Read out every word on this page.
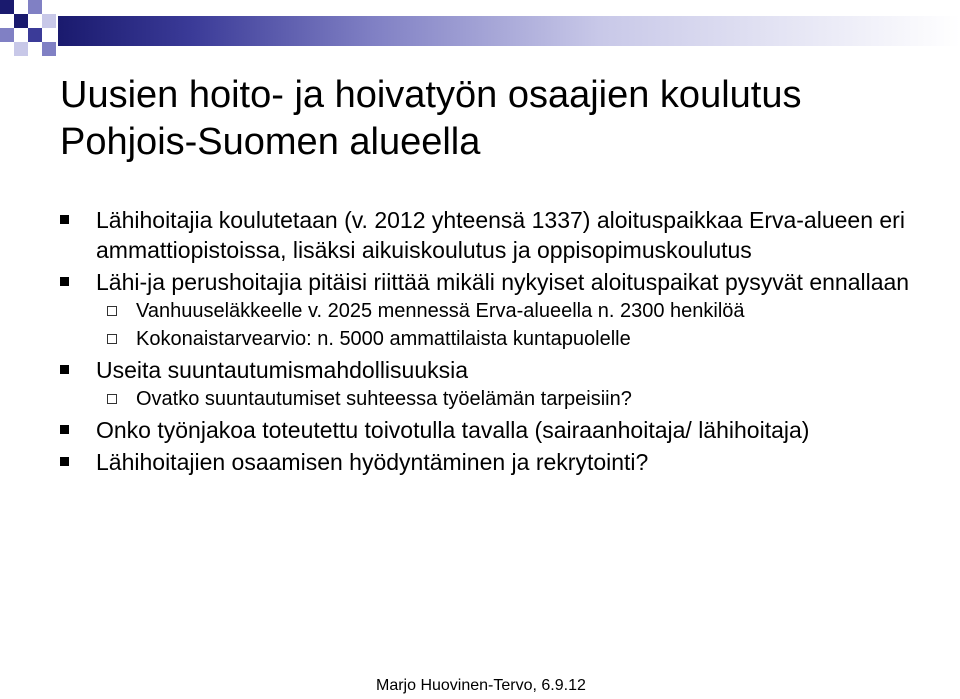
Uusien hoito- ja hoivatyön osaajien koulutus
Pohjois-Suomen alueella
Lähihoitajia koulutetaan (v. 2012 yhteensä 1337) aloituspaikkaa Erva-alueen eri ammattiopistoissa, lisäksi aikuiskoulutus ja oppisopimuskoulutus
Lähi-ja perushoitajia pitäisi riittää mikäli nykyiset aloituspaikat pysyvät ennallaan
Vanhuuseläkkeelle v. 2025 mennessä Erva-alueella n. 2300 henkilöä
Kokonaistarvearvio: n. 5000 ammattilaista kuntapuolelle
Useita suuntautumismahdollisuuksia
Ovatko suuntautumiset suhteessa työelämän tarpeisiin?
Onko työnjakoa toteutettu toivotulla tavalla (sairaanhoitaja/ lähihoitaja)
Lähihoitajien osaamisen hyödyntäminen ja rekrytointi?
Marjo Huovinen-Tervo, 6.9.12
